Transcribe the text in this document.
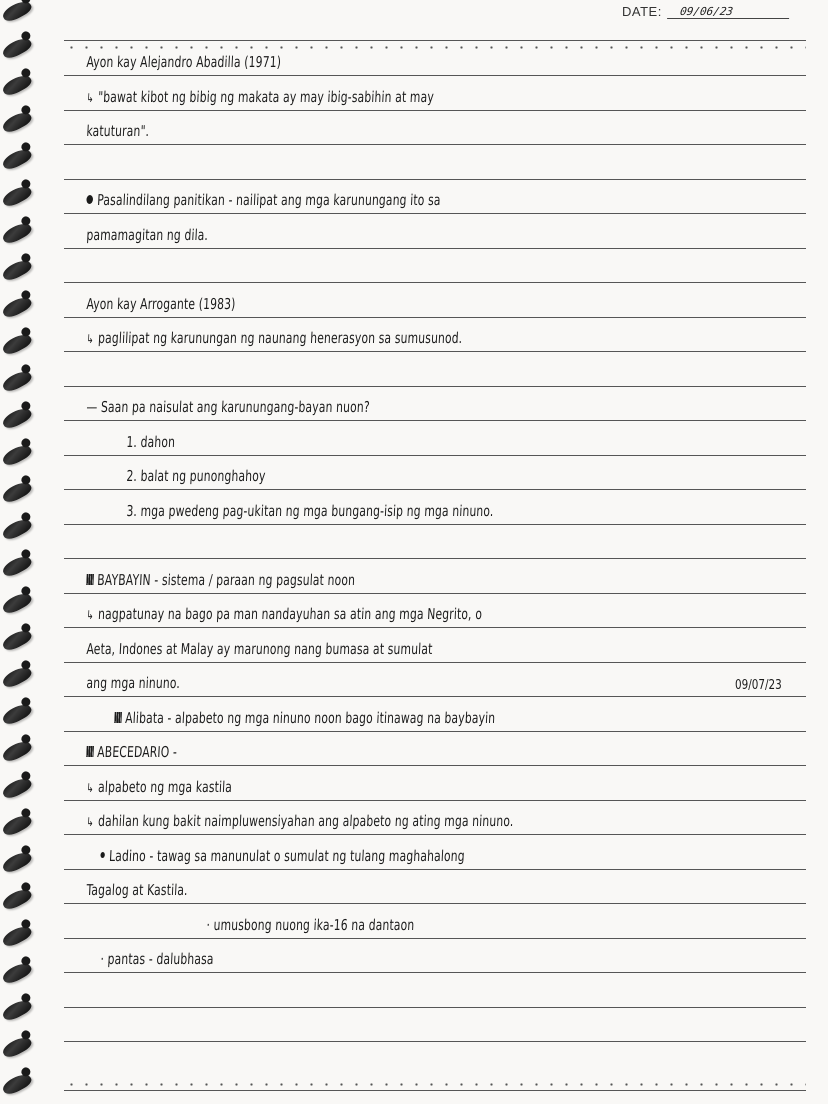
DATE:	09/06/23
Ayon kay Alejandro Abadilla (1971)
↳ "bawat kibot ng bibig ng makata ay may ibig-sabihin at may
katuturan".
Pasalindilang panitikan - nailipat ang mga karunungang ito sa
pamamagitan ng dila.
Ayon kay Arrogante (1983)
↳ paglilipat ng karunungan ng naunang henerasyon sa sumusunod.
— Saan pa naisulat ang karunungang-bayan nuon?
1. dahon
2. balat ng punonghahoy
3. mga pwedeng pag-ukitan ng mga bungang-isip ng mga ninuno.
BAYBAYIN - sistema / paraan ng pagsulat noon
↳ nagpatunay na bago pa man nandayuhan sa atin ang mga Negrito, o
Aeta, Indones at Malay ay marunong nang bumasa at sumulat
ang mga ninuno.
Alibata - alpabeto ng mga ninuno noon bago itinawag na baybayin
ABECEDARIO -
↳ alpabeto ng mga kastila
↳ dahilan kung bakit naimpluwensiyahan ang alpabeto ng ating mga ninuno.
Ladino - tawag sa manunulat o sumulat ng tulang maghahalong
Tagalog at Kastila.
· umusbong nuong ika-16 na dantaon
· pantas - dalubhasa
09/07/23
